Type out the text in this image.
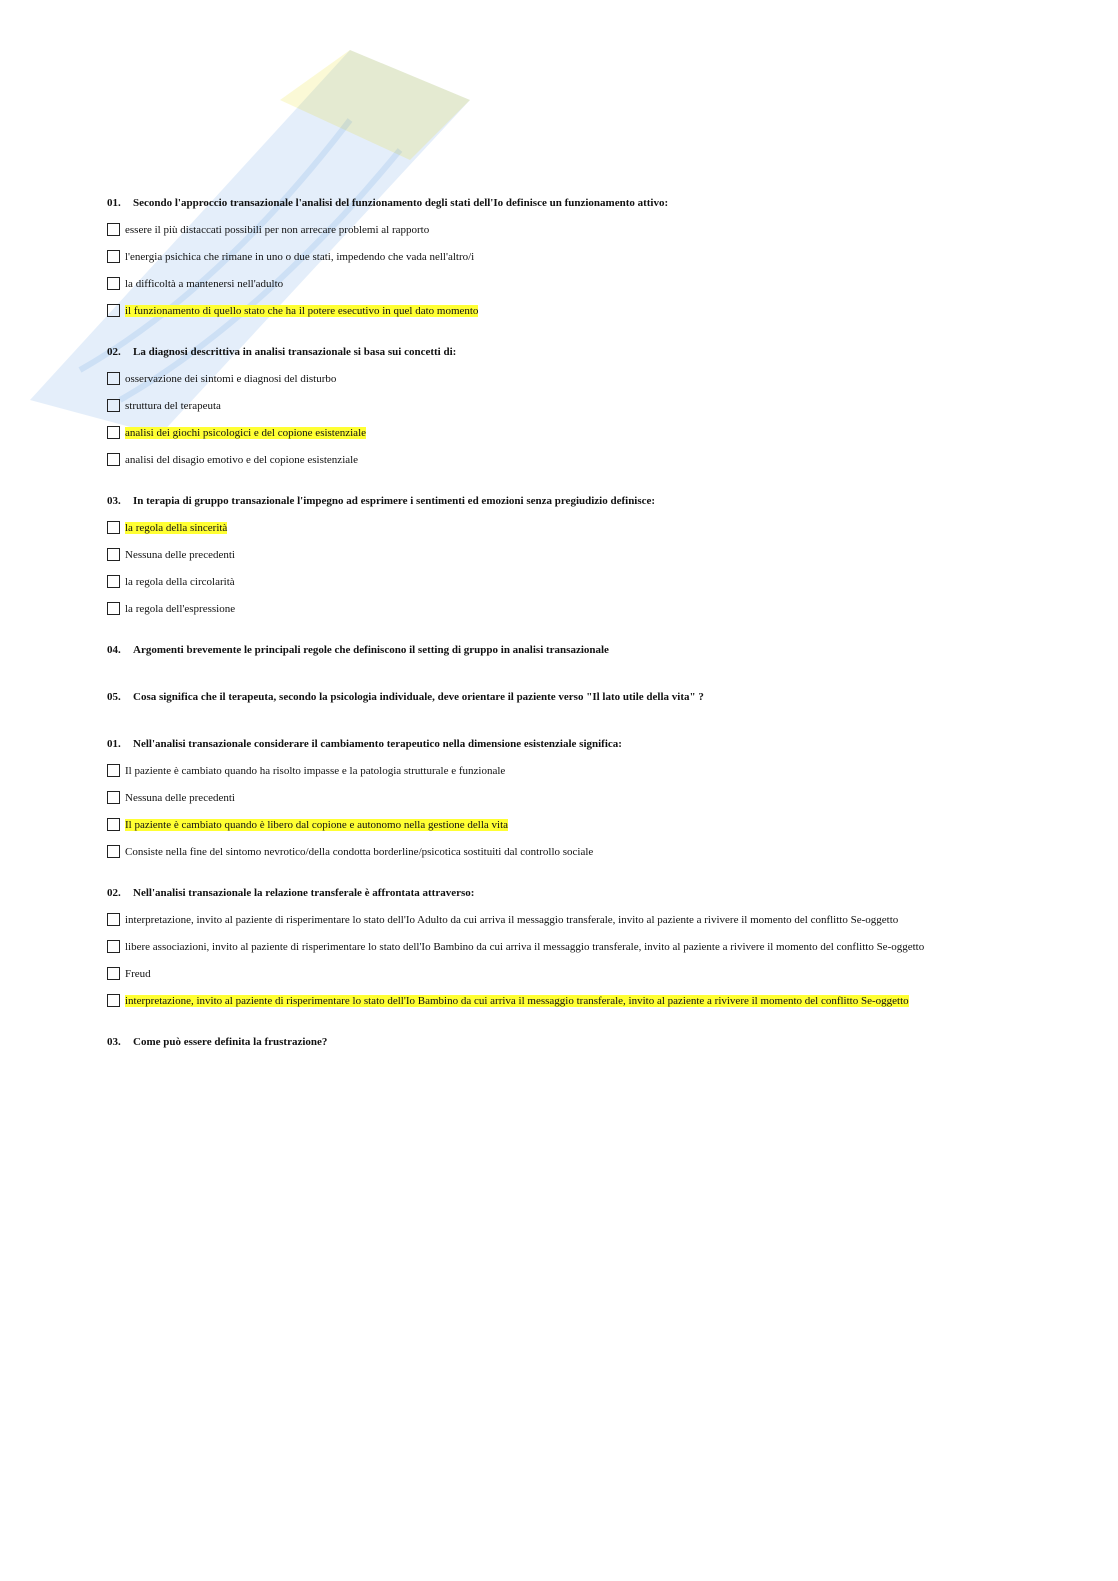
01. Secondo l'approccio transazionale l'analisi del funzionamento degli stati dell'Io definisce un funzionamento attivo:
essere il più distaccati possibili per non arrecare problemi al rapporto
l'energia psichica che rimane in uno o due stati, impedendo che vada nell'altro/i
la difficoltà a mantenersi nell'adulto
il funzionamento di quello stato che ha il potere esecutivo in quel dato momento
02. La diagnosi descrittiva in analisi transazionale si basa sui concetti di:
osservazione dei sintomi e diagnosi del disturbo
struttura del terapeuta
analisi dei giochi psicologici e del copione esistenziale
analisi del disagio emotivo e del copione esistenziale
03. In terapia di gruppo transazionale l'impegno ad esprimere i sentimenti ed emozioni senza pregiudizio definisce:
la regola della sincerità
Nessuna delle precedenti
la regola della circolarità
la regola dell'espressione
04. Argomenti brevemente le principali regole che definiscono il setting di gruppo in analisi transazionale
05. Cosa significa che il terapeuta, secondo la psicologia individuale, deve orientare il paziente verso "Il lato utile della vita" ?
01. Nell'analisi transazionale considerare il cambiamento terapeutico nella dimensione esistenziale significa:
Il paziente è cambiato quando ha risolto impasse e la patologia strutturale e funzionale
Nessuna delle precedenti
Il paziente è cambiato quando è libero dal copione e autonomo nella gestione della vita
Consiste nella fine del sintomo nevrotico/della condotta borderline/psicotica sostituiti dal controllo sociale
02. Nell'analisi transazionale la relazione transferale è affrontata attraverso:
interpretazione, invito al paziente di risperimentare lo stato dell'Io Adulto da cui arriva il messaggio transferale, invito al paziente a rivivere il momento del conflitto Se-oggetto
libere associazioni, invito al paziente di risperimentare lo stato dell'Io Bambino da cui arriva il messaggio transferale, invito al paziente a rivivere il momento del conflitto Se-oggetto
Freud
interpretazione, invito al paziente di risperimentare lo stato dell'Io Bambino da cui arriva il messaggio transferale, invito al paziente a rivivere il momento del conflitto Se-oggetto
03. Come può essere definita la frustrazione?
